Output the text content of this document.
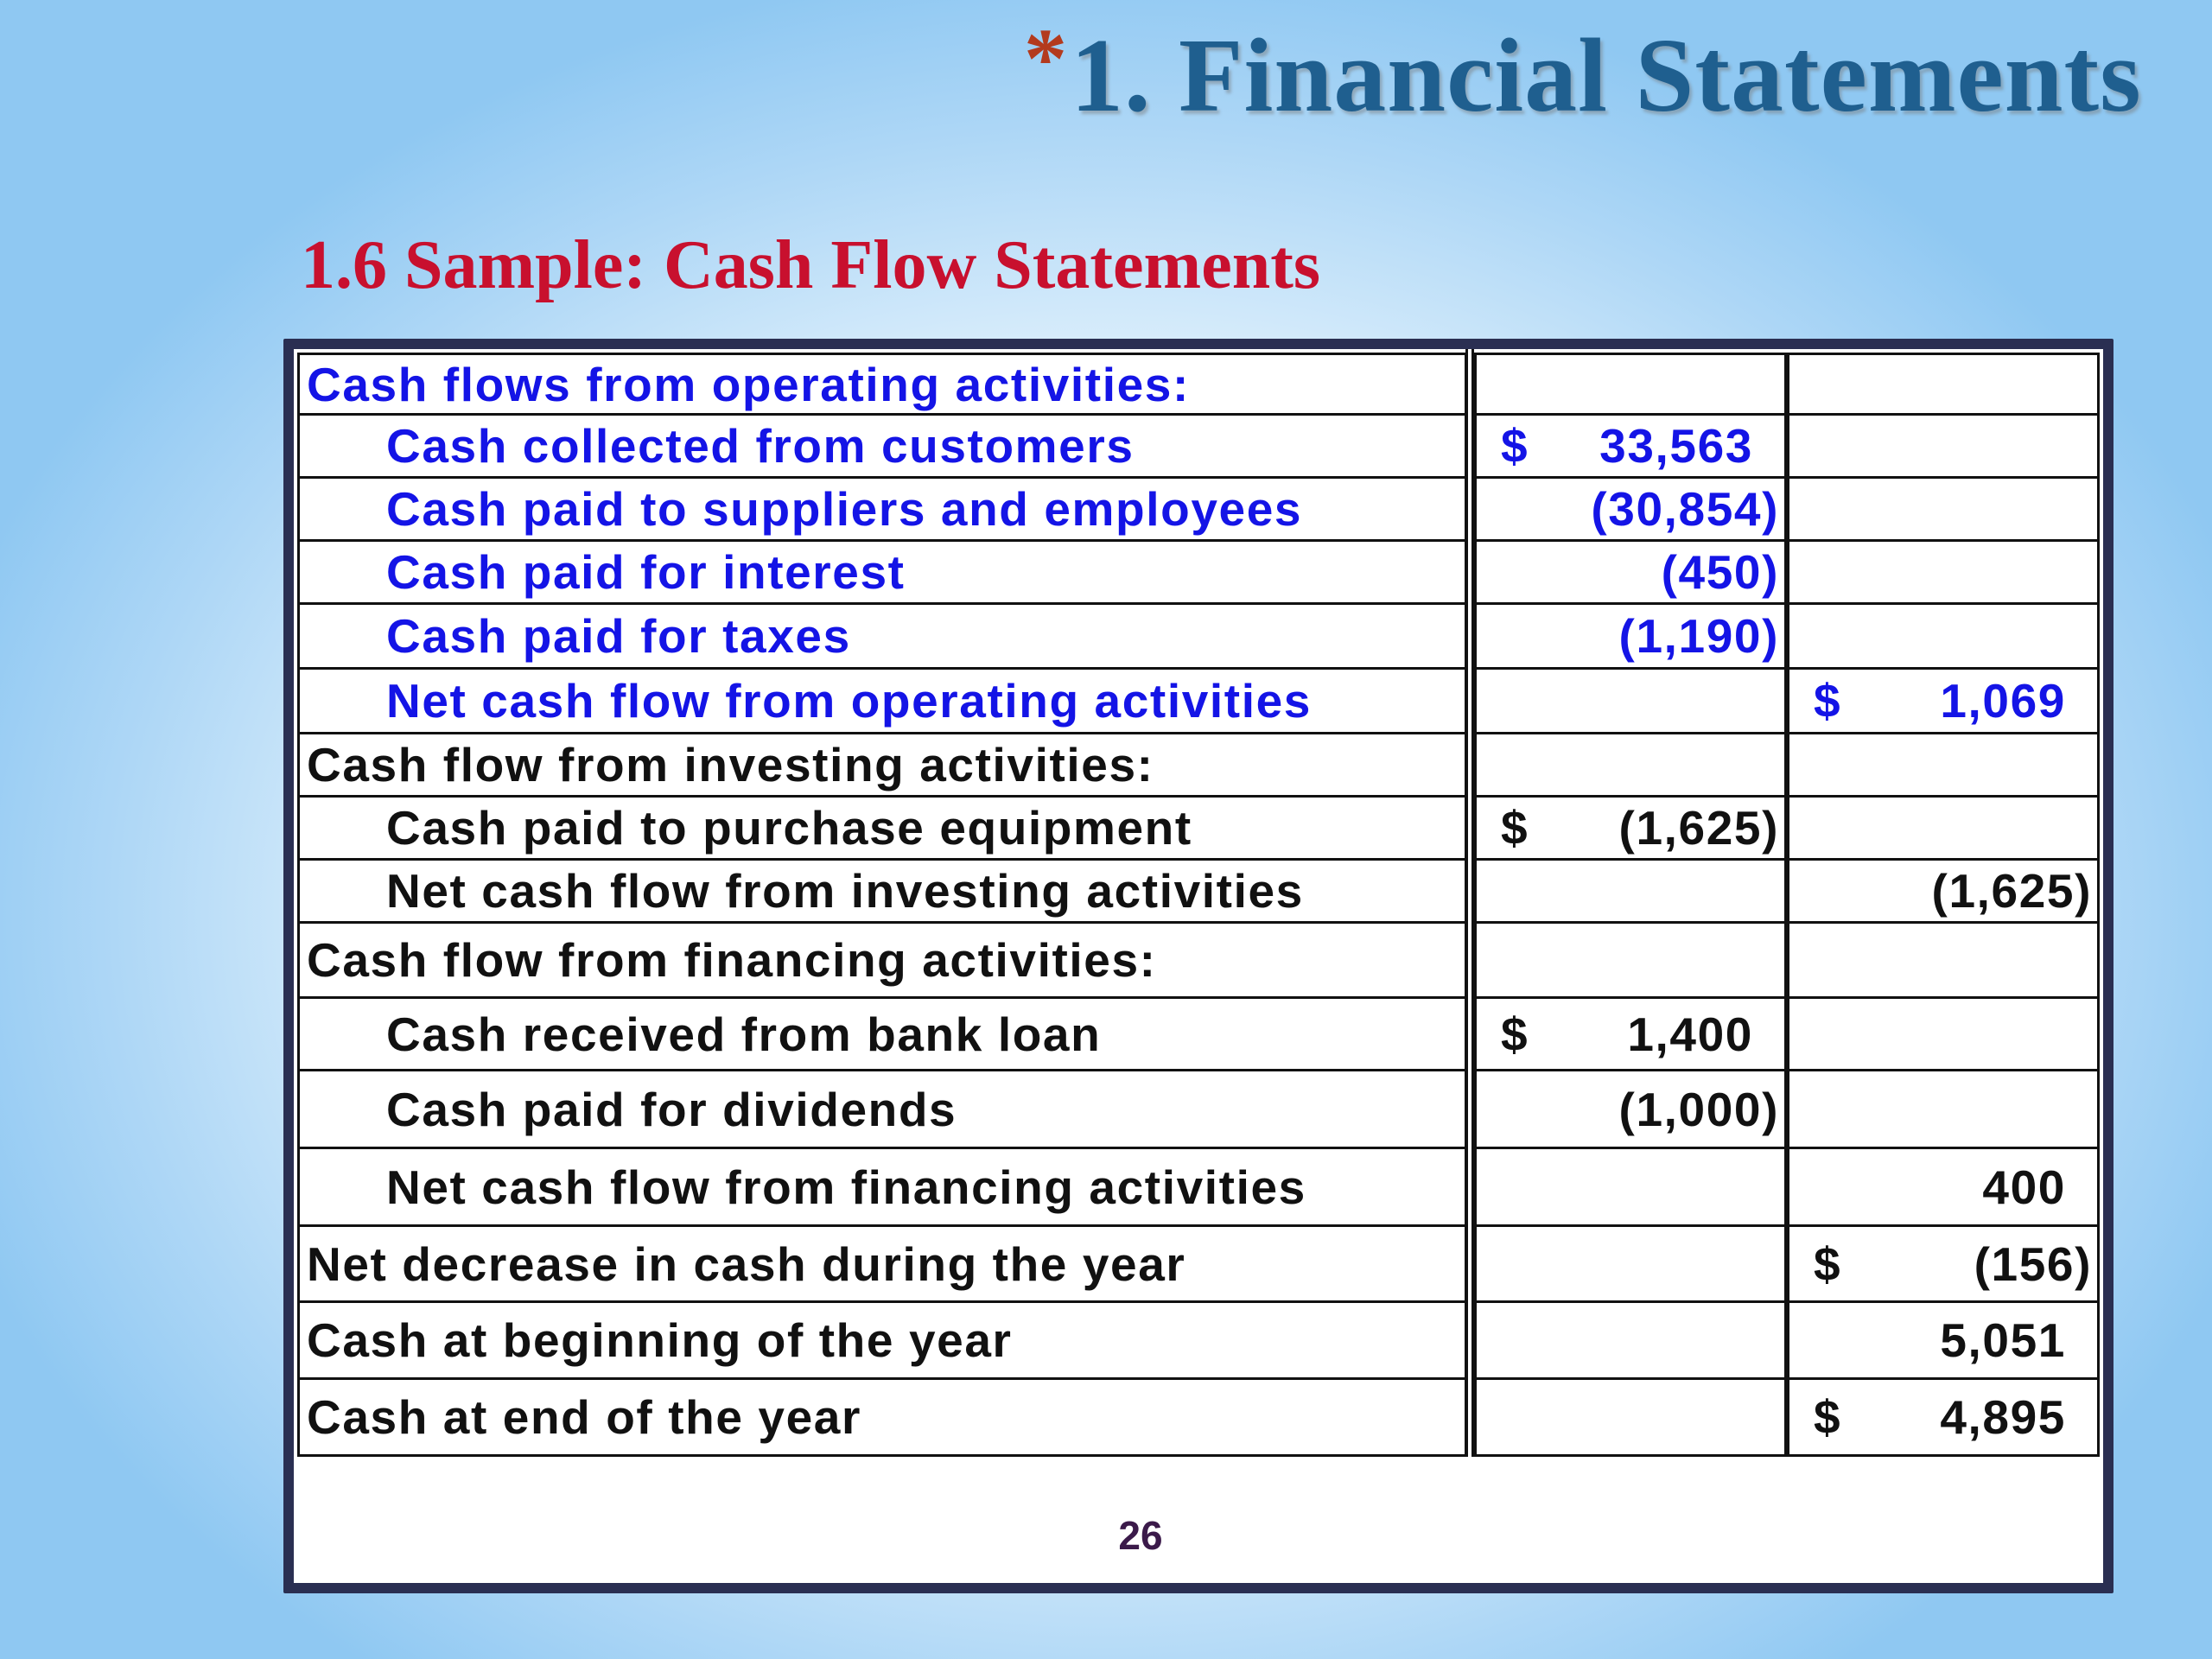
* 1. Financial Statements
1.6 Sample: Cash Flow Statements
Cash flows from operating activities:
Cash collected from customers	$ 33,563
Cash paid to suppliers and employees	(30,854)
Cash paid for interest	(450)
Cash paid for taxes	(1,190)
Net cash flow from operating activities	$ 1,069
Cash flow from investing activities:
Cash paid to purchase equipment	$ (1,625)
Net cash flow from investing activities	(1,625)
Cash flow from financing activities:
Cash received from bank loan	$ 1,400
Cash paid for dividends	(1,000)
Net cash flow from financing activities	400
Net decrease in cash during the year	$	(156)
Cash at beginning of the year	5,051
Cash at end of the year	$ 4,895
26
